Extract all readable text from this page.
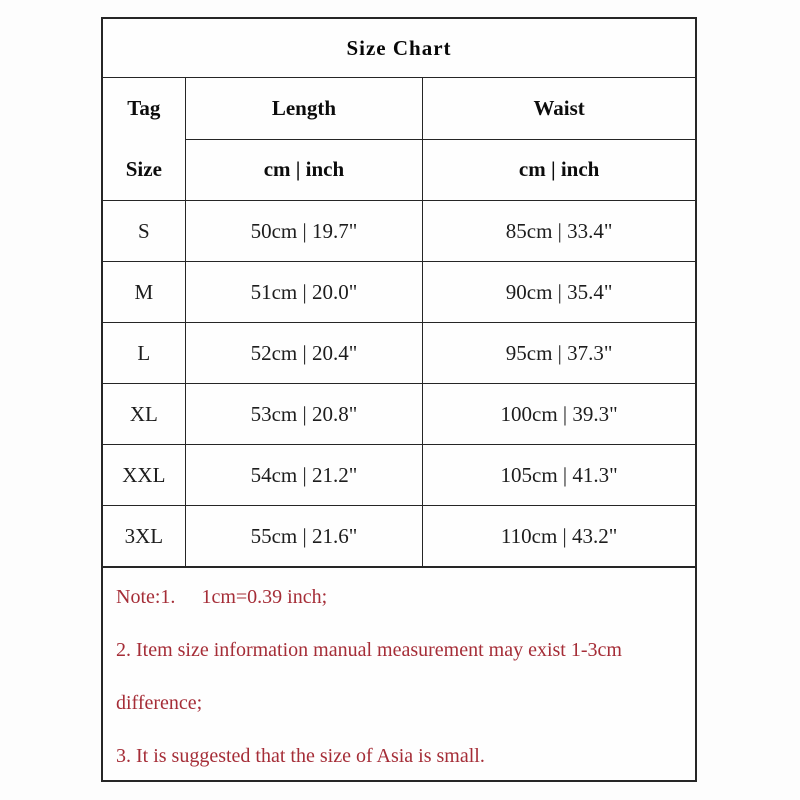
Size Chart		

Tag
Size	Length	Waist
	cm | inch	cm | inch
S	50cm | 19.7"	85cm | 33.4"
M	51cm | 20.0"	90cm | 35.4"
L	52cm | 20.4"	95cm | 37.3"
XL	53cm | 20.8"	100cm | 39.3"
XXL	54cm | 21.2"	105cm | 41.3"
3XL	55cm | 21.6"	110cm | 43.2"

Note:1. 1cm=0.39 inch;

2. Item size information manual measurement may exist 1-3cm difference;

3. It is suggested that the size of Asia is small.
